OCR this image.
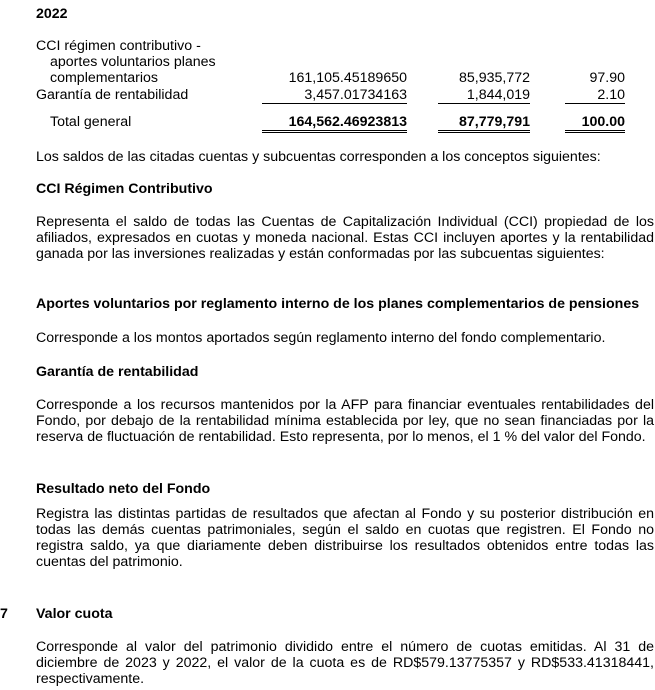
2022
CCI régimen contributivo -
aportes voluntarios planes
complementarios	161,105.45189650	85,935,772	97.90
Garantía de rentabilidad	3,457.01734163	1,844,019	2.10
Total general	164,562.46923813	87,779,791	100.00
Los saldos de las citadas cuentas y subcuentas corresponden a los conceptos siguientes:
CCI Régimen Contributivo
Representa el saldo de todas las Cuentas de Capitalización Individual (CCI) propiedad de los afiliados, expresados en cuotas y moneda nacional. Estas CCI incluyen aportes y la rentabilidad ganada por las inversiones realizadas y están conformadas por las subcuentas siguientes:
Aportes voluntarios por reglamento interno de los planes complementarios de pensiones
Corresponde a los montos aportados según reglamento interno del fondo complementario.
Garantía de rentabilidad
Corresponde a los recursos mantenidos por la AFP para financiar eventuales rentabilidades del Fondo, por debajo de la rentabilidad mínima establecida por ley, que no sean financiadas por la reserva de fluctuación de rentabilidad. Esto representa, por lo menos, el 1 % del valor del Fondo.
Resultado neto del Fondo
Registra las distintas partidas de resultados que afectan al Fondo y su posterior distribución en todas las demás cuentas patrimoniales, según el saldo en cuotas que registren. El Fondo no registra saldo, ya que diariamente deben distribuirse los resultados obtenidos entre todas las cuentas del patrimonio.
7 Valor cuota
Corresponde al valor del patrimonio dividido entre el número de cuotas emitidas. Al 31 de diciembre de 2023 y 2022, el valor de la cuota es de RD$579.13775357 y RD$533.41318441, respectivamente.
